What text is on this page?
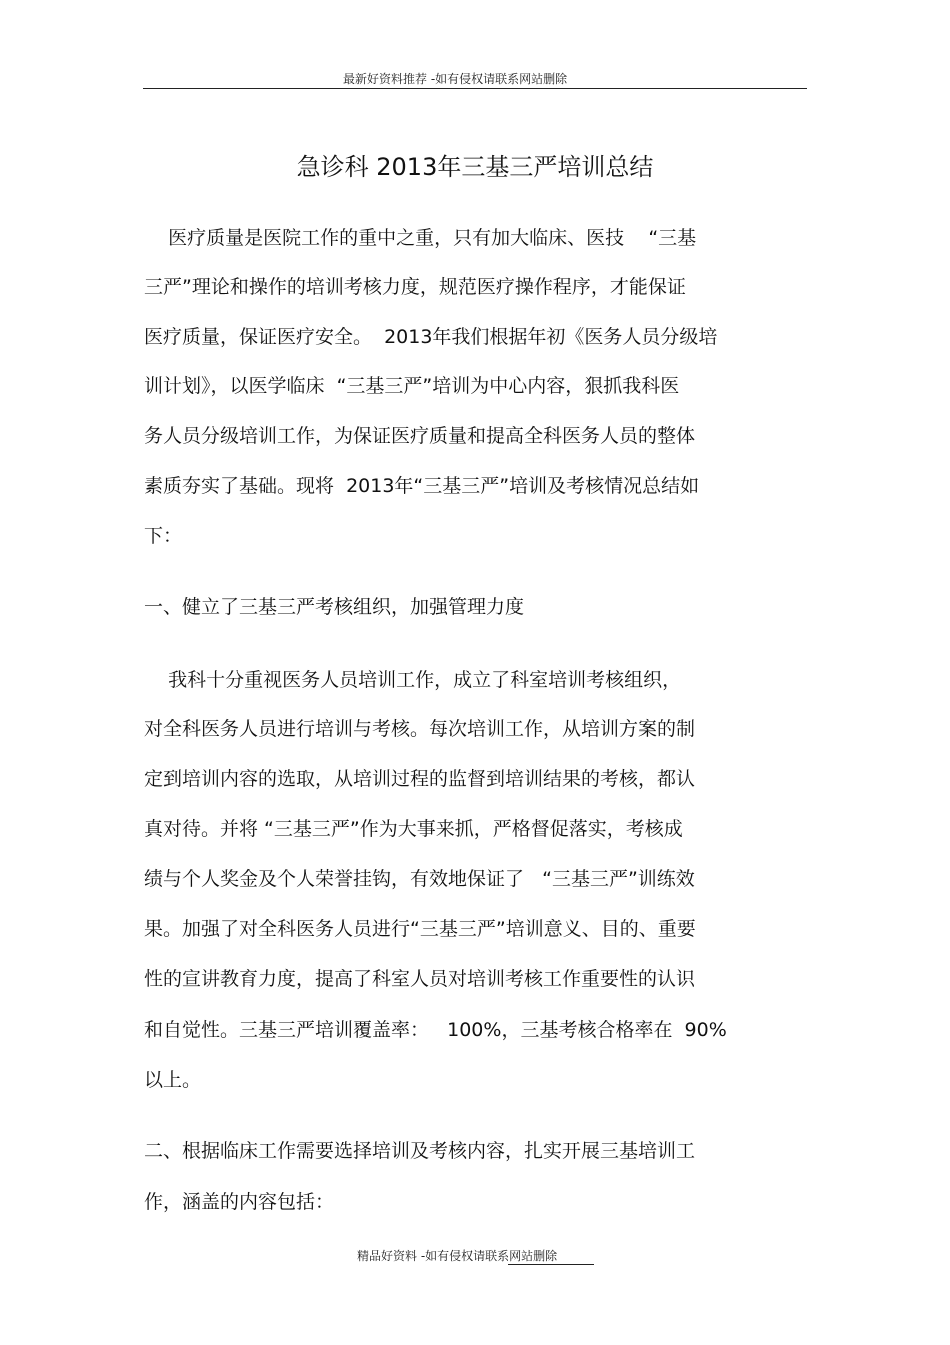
最新好资料推荐 -如有侵权请联系网站删除
急诊科 2013年三基三严培训总结
医疗质量是医院工作的重中之重，只有加大临床、医技    “三基
三严”理论和操作的培训考核力度，规范医疗操作程序，才能保证
医疗质量，保证医疗安全。  2013年我们根据年初《医务人员分级培
训计划》，以医学临床  “三基三严”培训为中心内容，狠抓我科医
务人员分级培训工作，为保证医疗质量和提高全科医务人员的整体
素质夯实了基础。现将  2013年“三基三严”培训及考核情况总结如
下：
一、健立了三基三严考核组织，加强管理力度
我科十分重视医务人员培训工作，成立了科室培训考核组织，
对全科医务人员进行培训与考核。每次培训工作，从培训方案的制
定到培训内容的选取，从培训过程的监督到培训结果的考核，都认
真对待。并将 “三基三严”作为大事来抓，严格督促落实，考核成
绩与个人奖金及个人荣誉挂钩，有效地保证了   “三基三严”训练效
果。加强了对全科医务人员进行“三基三严”培训意义、目的、重要
性的宣讲教育力度，提高了科室人员对培训考核工作重要性的认识
和自觉性。三基三严培训覆盖率：   100%，三基考核合格率在  90%
以上。
二、根据临床工作需要选择培训及考核内容，扎实开展三基培训工
作，涵盖的内容包括：
精品好资料 -如有侵权请联系网站删除
